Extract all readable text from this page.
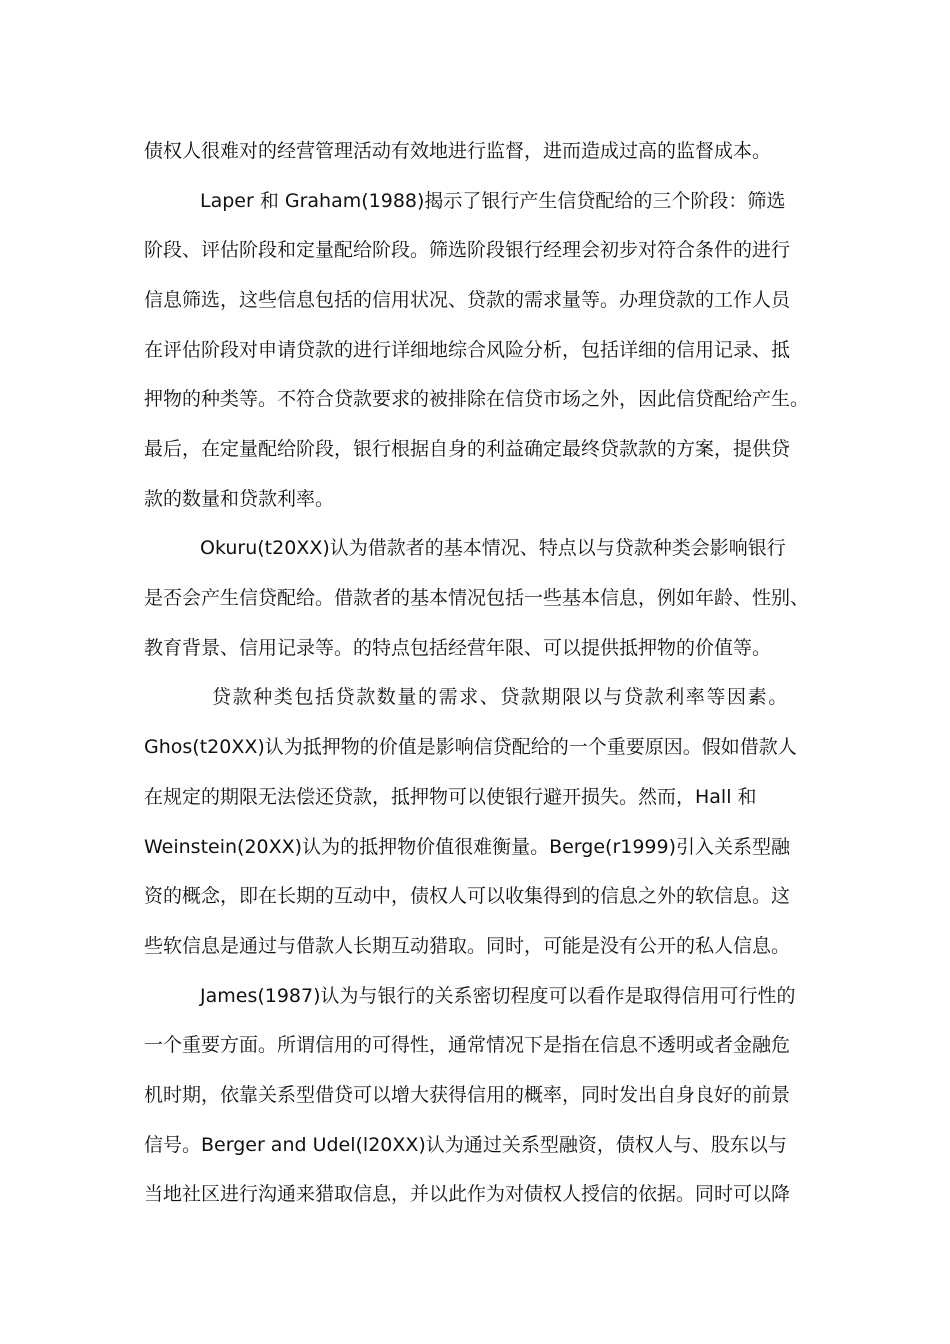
债权人很难对的经营管理活动有效地进行监督，进而造成过高的监督成本。
Laper 和 Graham(1988)揭示了银行产生信贷配给的三个阶段：筛选
阶段、评估阶段和定量配给阶段。筛选阶段银行经理会初步对符合条件的进行
信息筛选，这些信息包括的信用状况、贷款的需求量等。办理贷款的工作人员
在评估阶段对申请贷款的进行详细地综合风险分析，包括详细的信用记录、抵
押物的种类等。不符合贷款要求的被排除在信贷市场之外，因此信贷配给产生。
最后，在定量配给阶段，银行根据自身的利益确定最终贷款款的方案，提供贷
款的数量和贷款利率。
Okuru(t20XX)认为借款者的基本情况、特点以与贷款种类会影响银行
是否会产生信贷配给。借款者的基本情况包括一些基本信息，例如年龄、性别、
教育背景、信用记录等。的特点包括经营年限、可以提供抵押物的价值等。
贷款种类包括贷款数量的需求、贷款期限以与贷款利率等因素。
Ghos(t20XX)认为抵押物的价值是影响信贷配给的一个重要原因。假如借款人
在规定的期限无法偿还贷款，抵押物可以使银行避开损失。然而，Hall 和
Weinstein(20XX)认为的抵押物价值很难衡量。Berge(r1999)引入关系型融
资的概念，即在长期的互动中，债权人可以收集得到的信息之外的软信息。这
些软信息是通过与借款人长期互动猎取。同时，可能是没有公开的私人信息。
James(1987)认为与银行的关系密切程度可以看作是取得信用可行性的
一个重要方面。所谓信用的可得性，通常情况下是指在信息不透明或者金融危
机时期，依靠关系型借贷可以增大获得信用的概率，同时发出自身良好的前景
信号。Berger and Udel(l20XX)认为通过关系型融资，债权人与、股东以与
当地社区进行沟通来猎取信息，并以此作为对债权人授信的依据。同时可以降
